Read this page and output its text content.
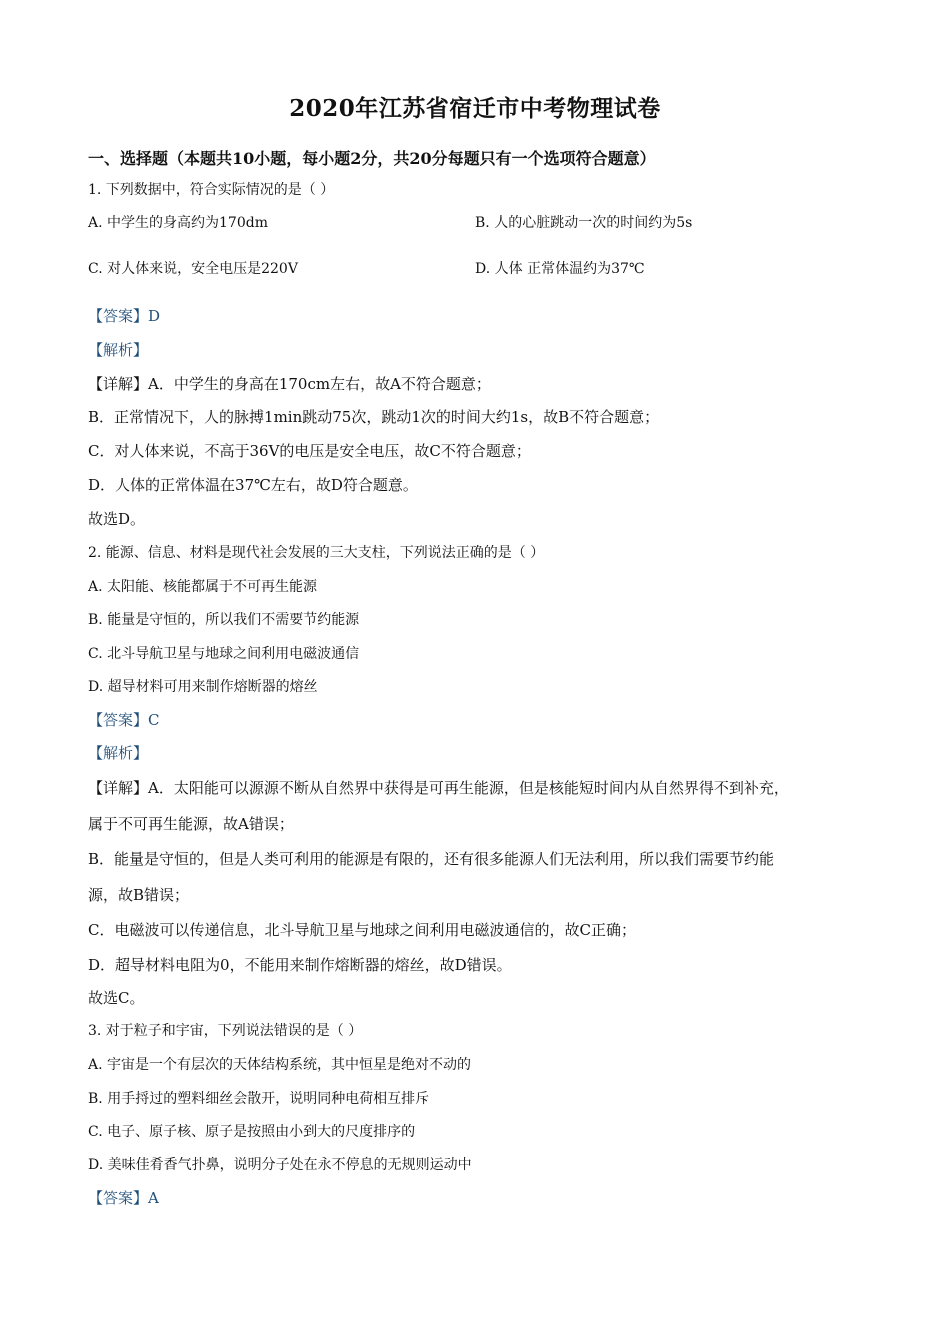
2020年江苏省宿迁市中考物理试卷
一、选择题（本题共10小题，每小题2分，共20分每题只有一个选项符合题意）
1. 下列数据中，符合实际情况的是（ ）
A. 中学生的身高约为170dm	B. 人的心脏跳动一次的时间约为5s
C. 对人体来说，安全电压是220V	D. 人体 正常体温约为37℃
【答案】D
【解析】
【详解】A．中学生的身高在170cm左右，故A不符合题意；
B．正常情况下，人的脉搏1min跳动75次，跳动1次的时间大约1s，故B不符合题意；
C．对人体来说，不高于36V的电压是安全电压，故C不符合题意；
D．人体的正常体温在37℃左右，故D符合题意。
故选D。
2. 能源、信息、材料是现代社会发展的三大支柱，下列说法正确的是（ ）
A. 太阳能、核能都属于不可再生能源
B. 能量是守恒的，所以我们不需要节约能源
C. 北斗导航卫星与地球之间利用电磁波通信
D. 超导材料可用来制作熔断器的熔丝
【答案】C
【解析】
【详解】A．太阳能可以源源不断从自然界中获得是可再生能源，但是核能短时间内从自然界得不到补充，
属于不可再生能源，故A错误；
B．能量是守恒的，但是人类可利用的能源是有限的，还有很多能源人们无法利用，所以我们需要节约能
源，故B错误；
C．电磁波可以传递信息，北斗导航卫星与地球之间利用电磁波通信的，故C正确；
D．超导材料电阻为0，不能用来制作熔断器的熔丝，故D错误。
故选C。
3. 对于粒子和宇宙，下列说法错误的是（ ）
A. 宇宙是一个有层次的天体结构系统，其中恒星是绝对不动的
B. 用手捋过的塑料细丝会散开，说明同种电荷相互排斥
C. 电子、原子核、原子是按照由小到大的尺度排序的
D. 美味佳肴香气扑鼻，说明分子处在永不停息的无规则运动中
【答案】A
